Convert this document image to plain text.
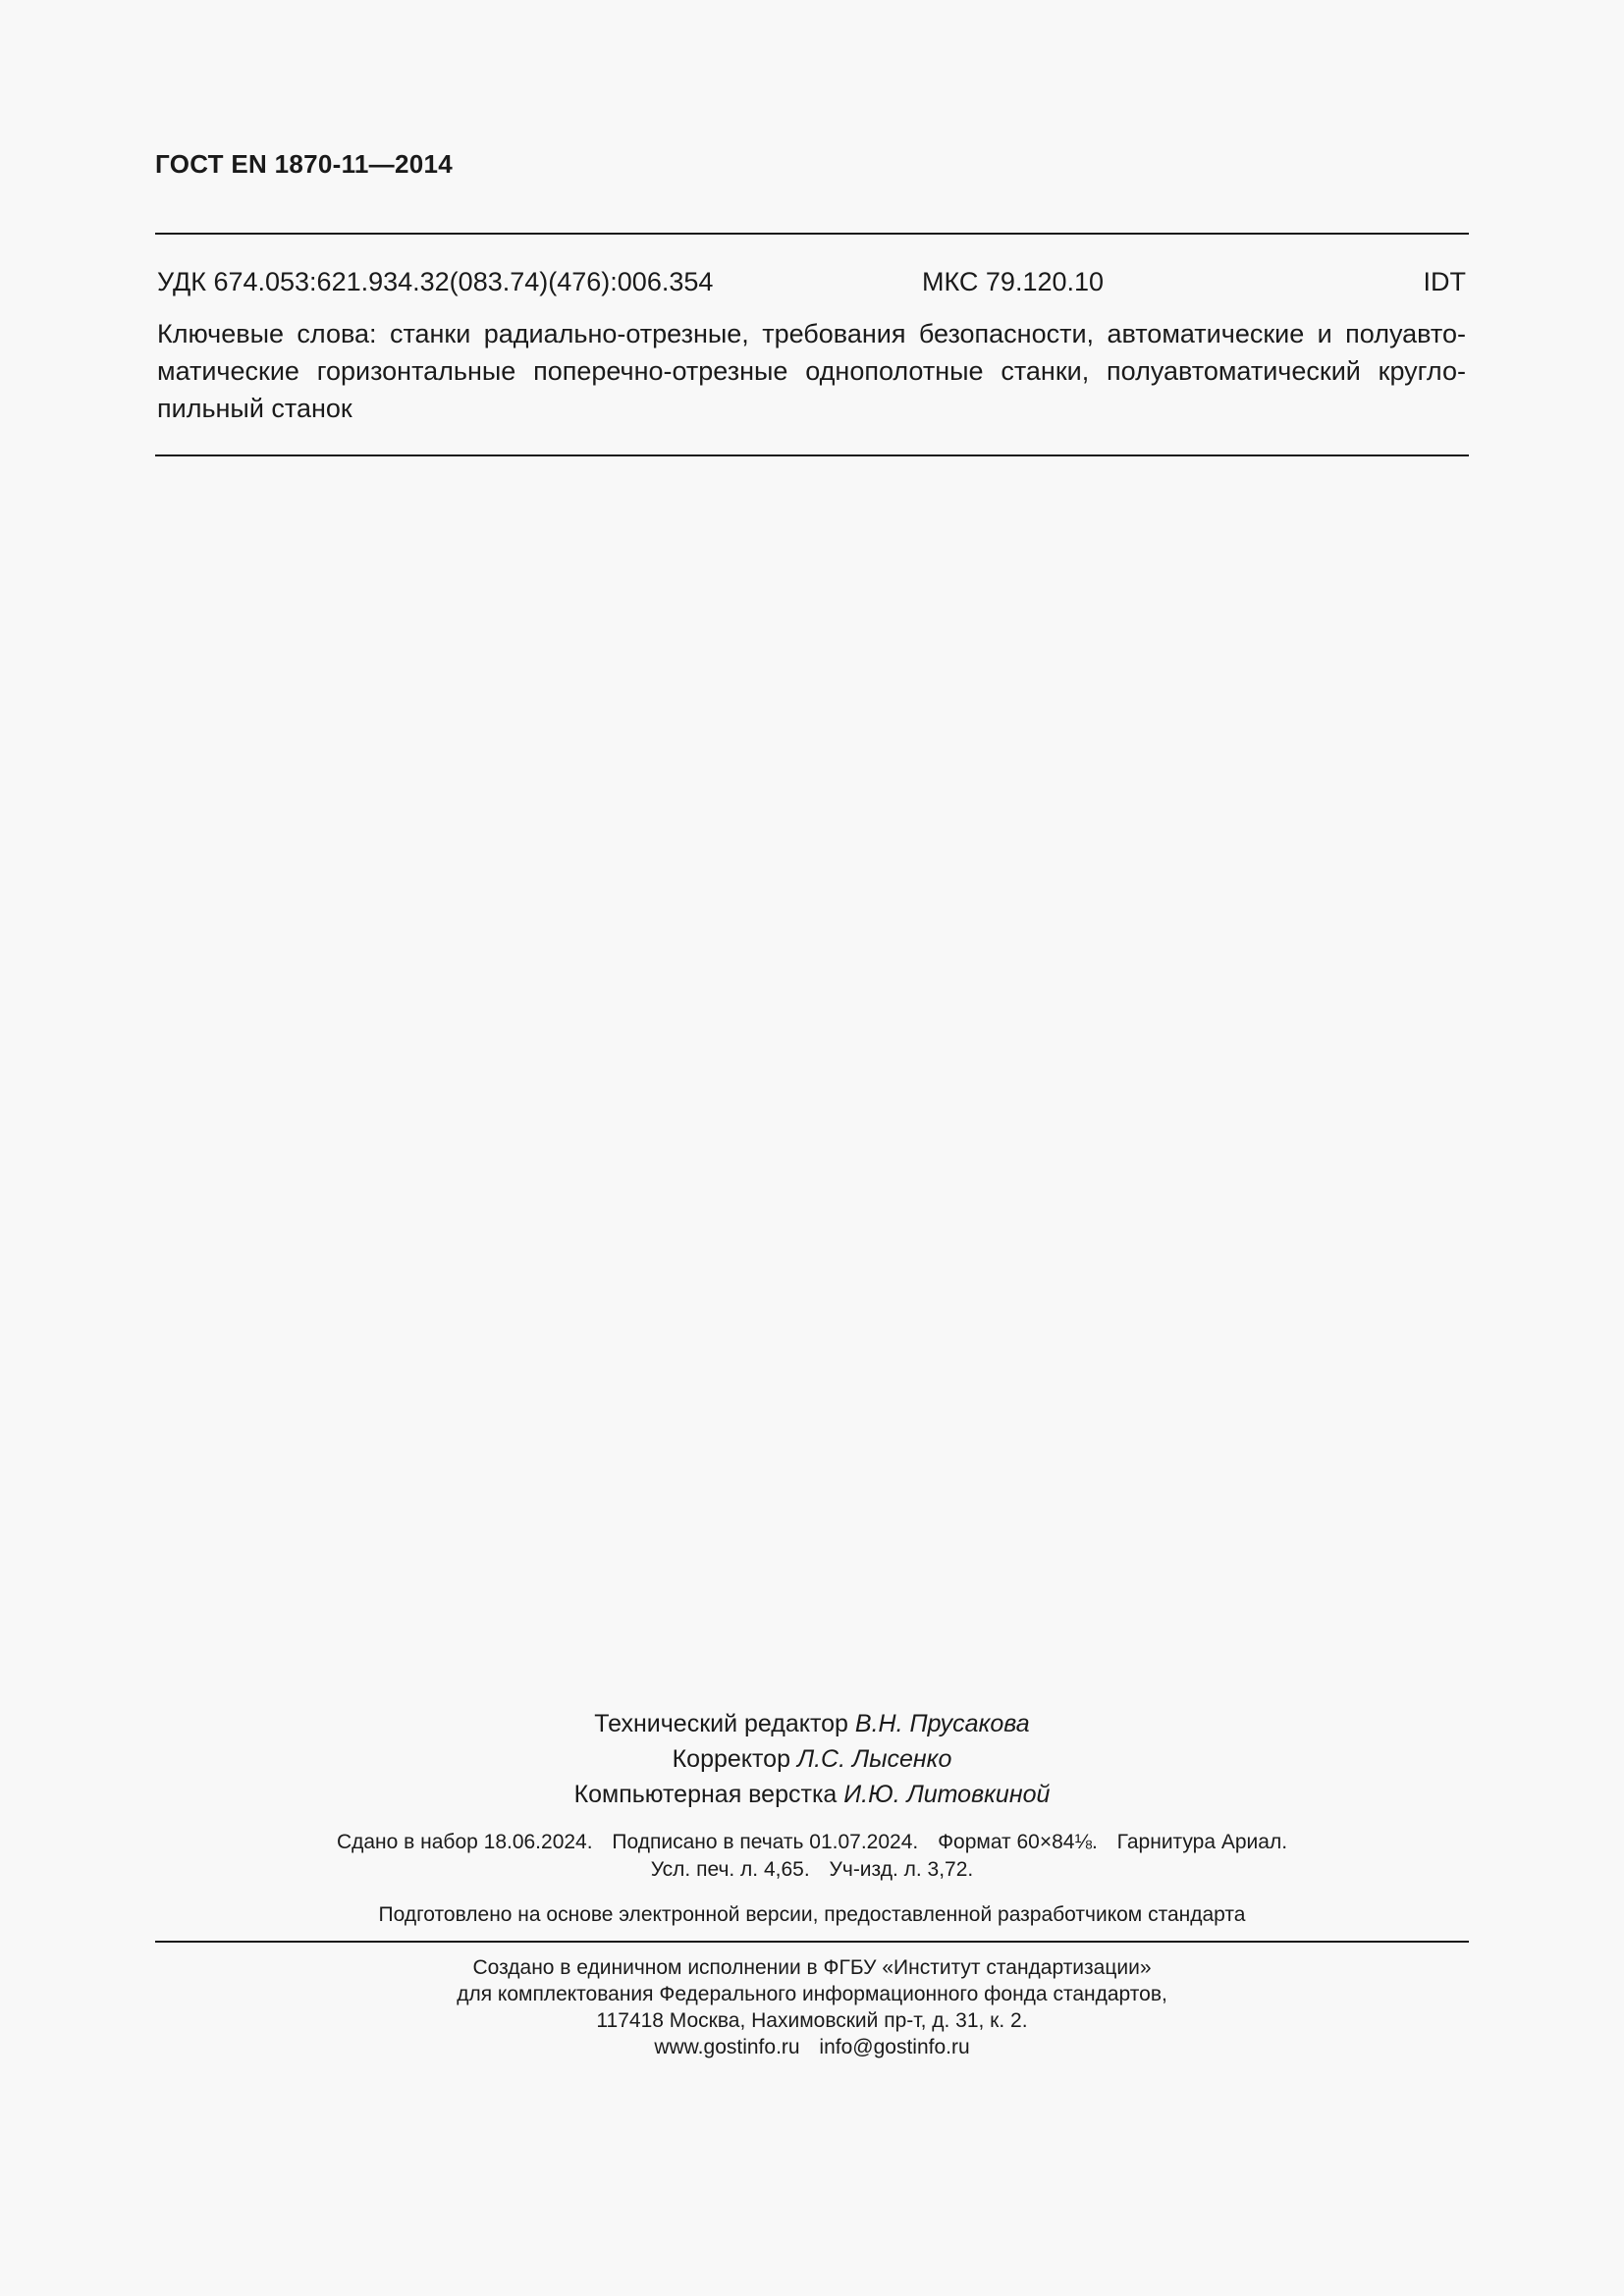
ГОСТ EN 1870-11—2014
УДК 674.053:621.934.32(083.74)(476):006.354	МКС 79.120.10	IDT
Ключевые слова: станки радиально-отрезные, требования безопасности, автоматические и полуавто-
матические горизонтальные поперечно-отрезные однополотные станки, полуавтоматический кругло-
пильный станок
Технический редактор В.Н. Прусакова
Корректор Л.С. Лысенко
Компьютерная верстка И.Ю. Литовкиной
Сдано в набор 18.06.2024. Подписано в печать 01.07.2024. Формат 60×84⅛. Гарнитура Ариал.
Усл. печ. л. 4,65. Уч-изд. л. 3,72.
Подготовлено на основе электронной версии, предоставленной разработчиком стандарта
Создано в единичном исполнении в ФГБУ «Институт стандартизации»
для комплектования Федерального информационного фонда стандартов,
117418 Москва, Нахимовский пр-т, д. 31, к. 2.
www.gostinfo.ru info@gostinfo.ru
